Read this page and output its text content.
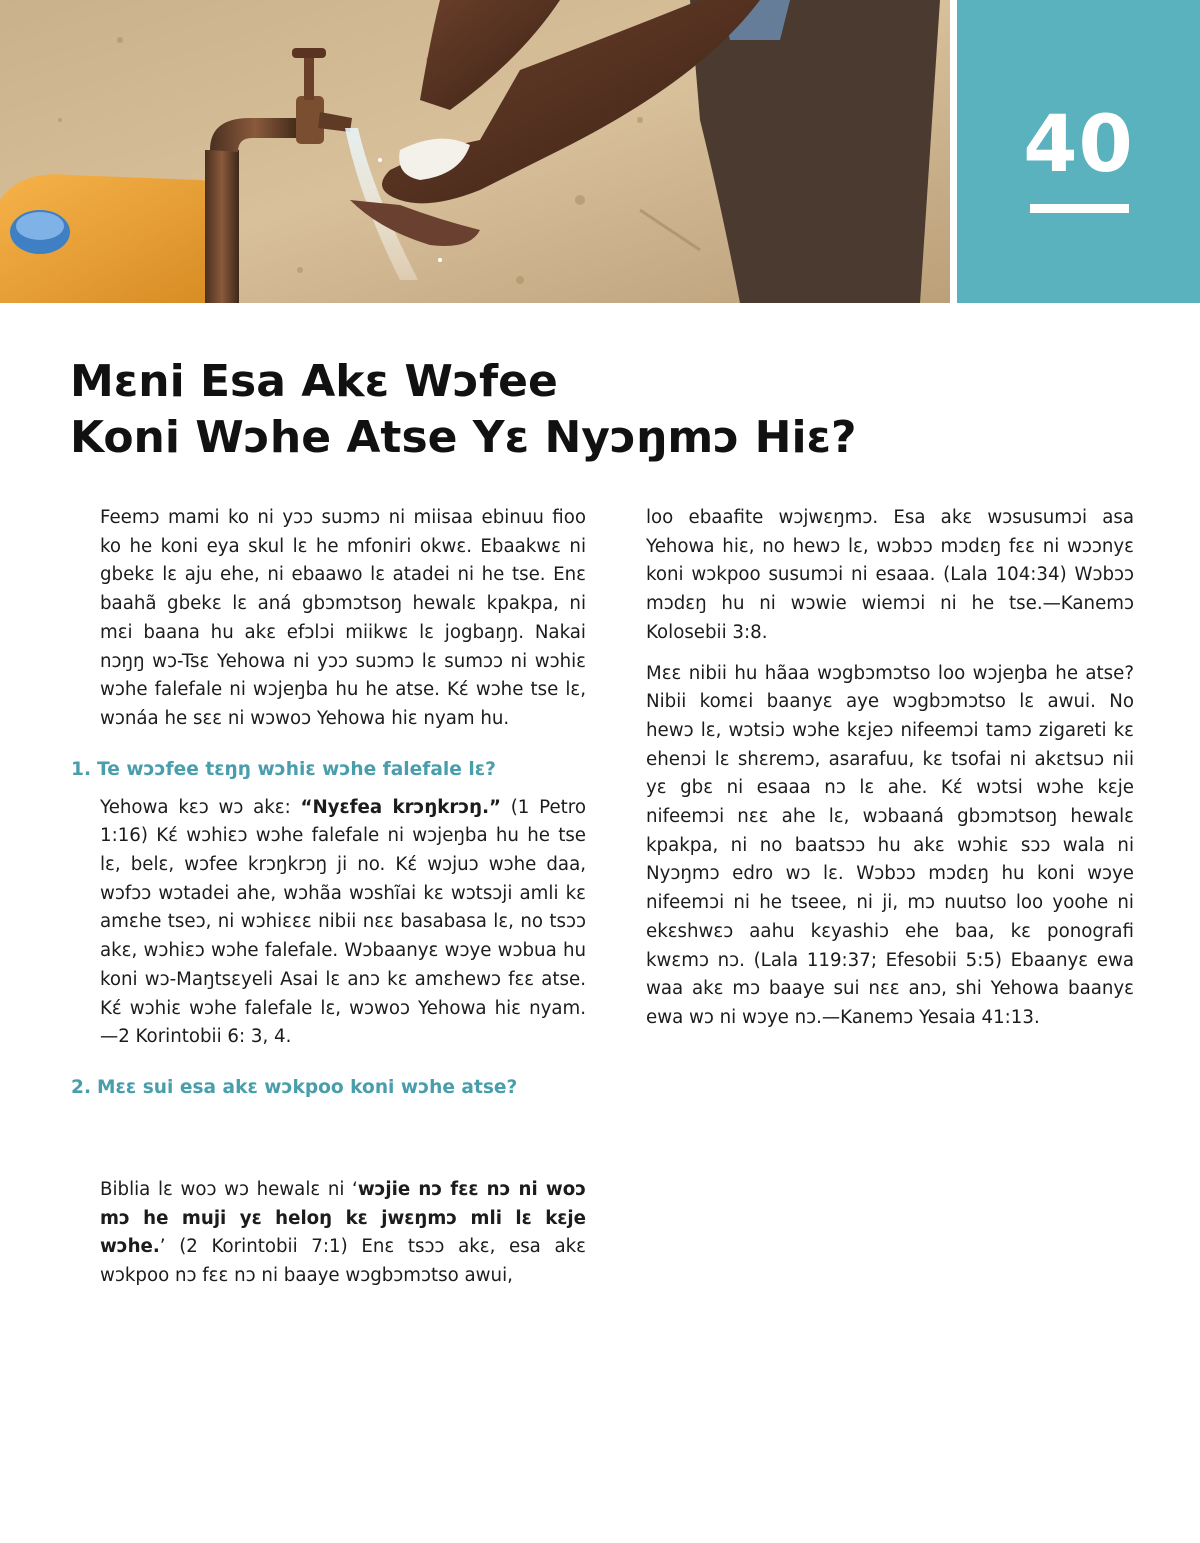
40
Mɛni Esa Akɛ Wɔfee
Koni Wɔhe Atse Yɛ Nyɔŋmɔ Hiɛ?

Feemɔ mami ko ni yɔɔ suɔmɔ ni miisaa ebinuu fioo ko he koni eya skul lɛ he mfoniri okwɛ. Ebaakwɛ ni gbekɛ lɛ aju ehe, ni ebaawo lɛ atadei ni he tse. Enɛ baahã gbekɛ lɛ aná gbɔmɔtsoŋ hewalɛ kpakpa, ni mɛi baana hu akɛ efɔlɔi miikwɛ lɛ jogbaŋŋ. Nakai nɔŋŋ wɔ-Tsɛ Yehowa ni yɔɔ suɔmɔ lɛ sumɔɔ ni wɔhiɛ wɔhe falefale ni wɔjeŋba hu he atse. Kɛ́ wɔhe tse lɛ, wɔnáa he sɛɛ ni wɔwoɔ Yehowa hiɛ nyam hu.

1. Te wɔɔfee tɛŋŋ wɔhiɛ wɔhe falefale lɛ?

Yehowa kɛɔ wɔ akɛ: “Nyɛfea krɔŋkrɔŋ.” (1 Petro 1:16) Kɛ́ wɔhiɛɔ wɔhe falefale ni wɔjeŋba hu he tse lɛ, belɛ, wɔfee krɔŋkrɔŋ ji no. Kɛ́ wɔjuɔ wɔhe daa, wɔfɔɔ wɔtadei ahe, wɔhãa wɔshĩai kɛ wɔtsɔji amli kɛ amɛhe tseɔ, ni wɔhiɛɛɛ nibii nɛɛ basabasa lɛ, no tsɔɔ akɛ, wɔhiɛɔ wɔhe falefale. Wɔbaanyɛ wɔye wɔbua hu koni wɔ-Maŋtsɛyeli Asai lɛ anɔ kɛ amɛhewɔ fɛɛ atse. Kɛ́ wɔhiɛ wɔhe falefale lɛ, wɔwoɔ Yehowa hiɛ nyam.—2 Korintobii 6: 3, 4.

2. Mɛɛ sui esa akɛ wɔkpoo koni wɔhe atse?

Biblia lɛ woɔ wɔ hewalɛ ni ‘wɔjie nɔ fɛɛ nɔ ni woɔ mɔ he muji yɛ heloŋ kɛ jwɛŋmɔ mli lɛ kɛje wɔhe.’ (2 Korintobii 7:1) Enɛ tsɔɔ akɛ, esa akɛ wɔkpoo nɔ fɛɛ nɔ ni baaye wɔgbɔmɔtso awui,

loo ebaafite wɔjwɛŋmɔ. Esa akɛ wɔsusumɔi asa Yehowa hiɛ, no hewɔ lɛ, wɔbɔɔ mɔdɛŋ fɛɛ ni wɔɔnyɛ koni wɔkpoo susumɔi ni esaaa. (Lala 104:34) Wɔbɔɔ mɔdɛŋ hu ni wɔwie wiemɔi ni he tse.—Kanemɔ Kolosebii 3:8.

Mɛɛ nibii hu hãaa wɔgbɔmɔtso loo wɔjeŋba he atse? Nibii komɛi baanyɛ aye wɔgbɔmɔtso lɛ awui. No hewɔ lɛ, wɔtsiɔ wɔhe kɛjeɔ nifeemɔi tamɔ zigareti kɛ ehenɔi lɛ shɛremɔ, asarafuu, kɛ tsofai ni akɛtsuɔ nii yɛ gbɛ ni esaaa nɔ lɛ ahe. Kɛ́ wɔtsi wɔhe kɛje nifeemɔi nɛɛ ahe lɛ, wɔbaaná gbɔmɔtsoŋ hewalɛ kpakpa, ni no baatsɔɔ hu akɛ wɔhiɛ sɔɔ wala ni Nyɔŋmɔ edro wɔ lɛ. Wɔbɔɔ mɔdɛŋ hu koni wɔye nifeemɔi ni he tseee, ni ji, mɔ nuutso loo yoohe ni ekɛshwɛɔ aahu kɛyashiɔ ehe baa, kɛ ponografi kwɛmɔ nɔ. (Lala 119:37; Efesobii 5:5) Ebaanyɛ ewa waa akɛ mɔ baaye sui nɛɛ anɔ, shi Yehowa baanyɛ ewa wɔ ni wɔye nɔ.—Kanemɔ Yesaia 41:13.
